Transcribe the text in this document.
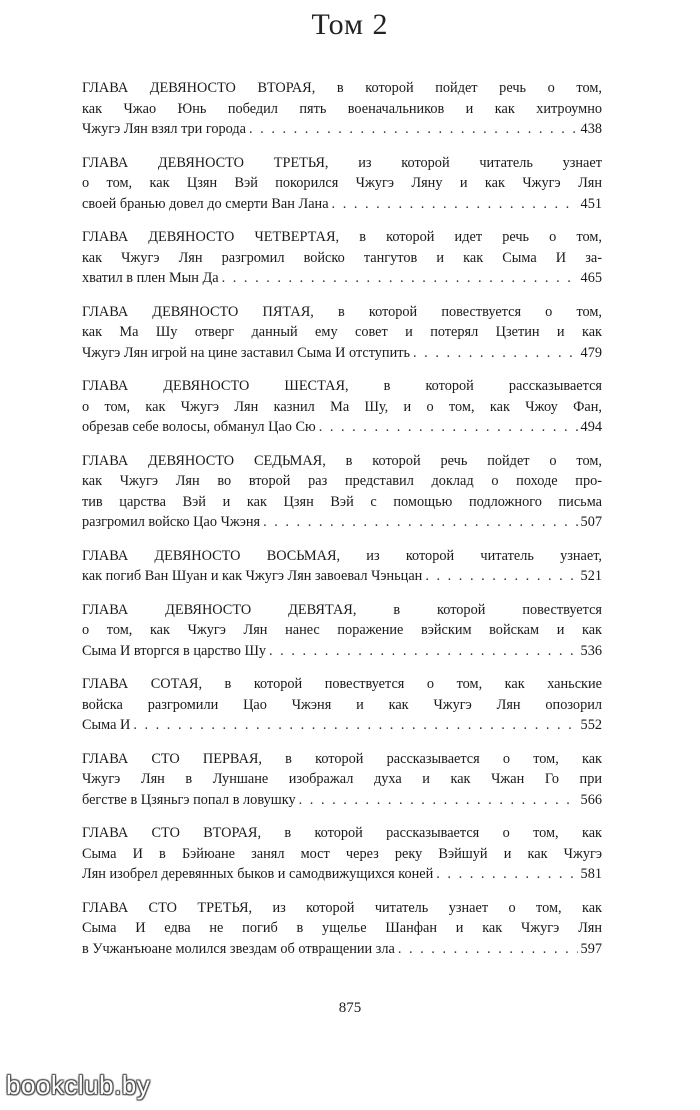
Том 2
ГЛАВА ДЕВЯНОСТО ВТОРАЯ, в которой пойдет речь о том,
как Чжао Юнь победил пять военачальников и как хитроумно
Чжугэ Лян взял три города . . .	438
ГЛАВА ДЕВЯНОСТО ТРЕТЬЯ, из которой читатель узнает
о том, как Цзян Вэй покорился Чжугэ Ляну и как Чжугэ Лян
своей бранью довел до смерти Ван Лана . . .	451
ГЛАВА ДЕВЯНОСТО ЧЕТВЕРТАЯ, в которой идет речь о том,
как Чжугэ Лян разгромил войско тангутов и как Сыма И за-
хватил в плен Мын Да . . .	465
ГЛАВА ДЕВЯНОСТО ПЯТАЯ, в которой повествуется о том,
как Ма Шу отверг данный ему совет и потерял Цзетин и как
Чжугэ Лян игрой на цине заставил Сыма И отступить . . .	479
ГЛАВА ДЕВЯНОСТО ШЕСТАЯ, в которой рассказывается
о том, как Чжугэ Лян казнил Ма Шу, и о том, как Чжоу Фан,
обрезав себе волосы, обманул Цао Сю . . .	494
ГЛАВА ДЕВЯНОСТО СЕДЬМАЯ, в которой речь пойдет о том,
как Чжугэ Лян во второй раз представил доклад о походе про-
тив царства Вэй и как Цзян Вэй с помощью подложного письма
разгромил войско Цао Чжэня . . .	507
ГЛАВА ДЕВЯНОСТО ВОСЬМАЯ, из которой читатель узнает,
как погиб Ван Шуан и как Чжугэ Лян завоевал Чэньцан . . .	521
ГЛАВА ДЕВЯНОСТО ДЕВЯТАЯ, в которой повествуется
о том, как Чжугэ Лян нанес поражение вэйским войскам и как
Сыма И вторгся в царство Шу . . .	536
ГЛАВА СОТАЯ, в которой повествуется о том, как ханьские
войска разгромили Цао Чжэня и как Чжугэ Лян опозорил
Сыма И . . .	552
ГЛАВА СТО ПЕРВАЯ, в которой рассказывается о том, как
Чжугэ Лян в Луншане изображал духа и как Чжан Го при
бегстве в Цзяньгэ попал в ловушку . . .	566
ГЛАВА СТО ВТОРАЯ, в которой рассказывается о том, как
Сыма И в Бэйюане занял мост через реку Вэйшуй и как Чжугэ
Лян изобрел деревянных быков и самодвижущихся коней . . .	581
ГЛАВА СТО ТРЕТЬЯ, из которой читатель узнает о том, как
Сыма И едва не погиб в ущелье Шанфан и как Чжугэ Лян
в Учжанъюане молился звездам об отвращении зла . . .	597
875
bookclub.by
